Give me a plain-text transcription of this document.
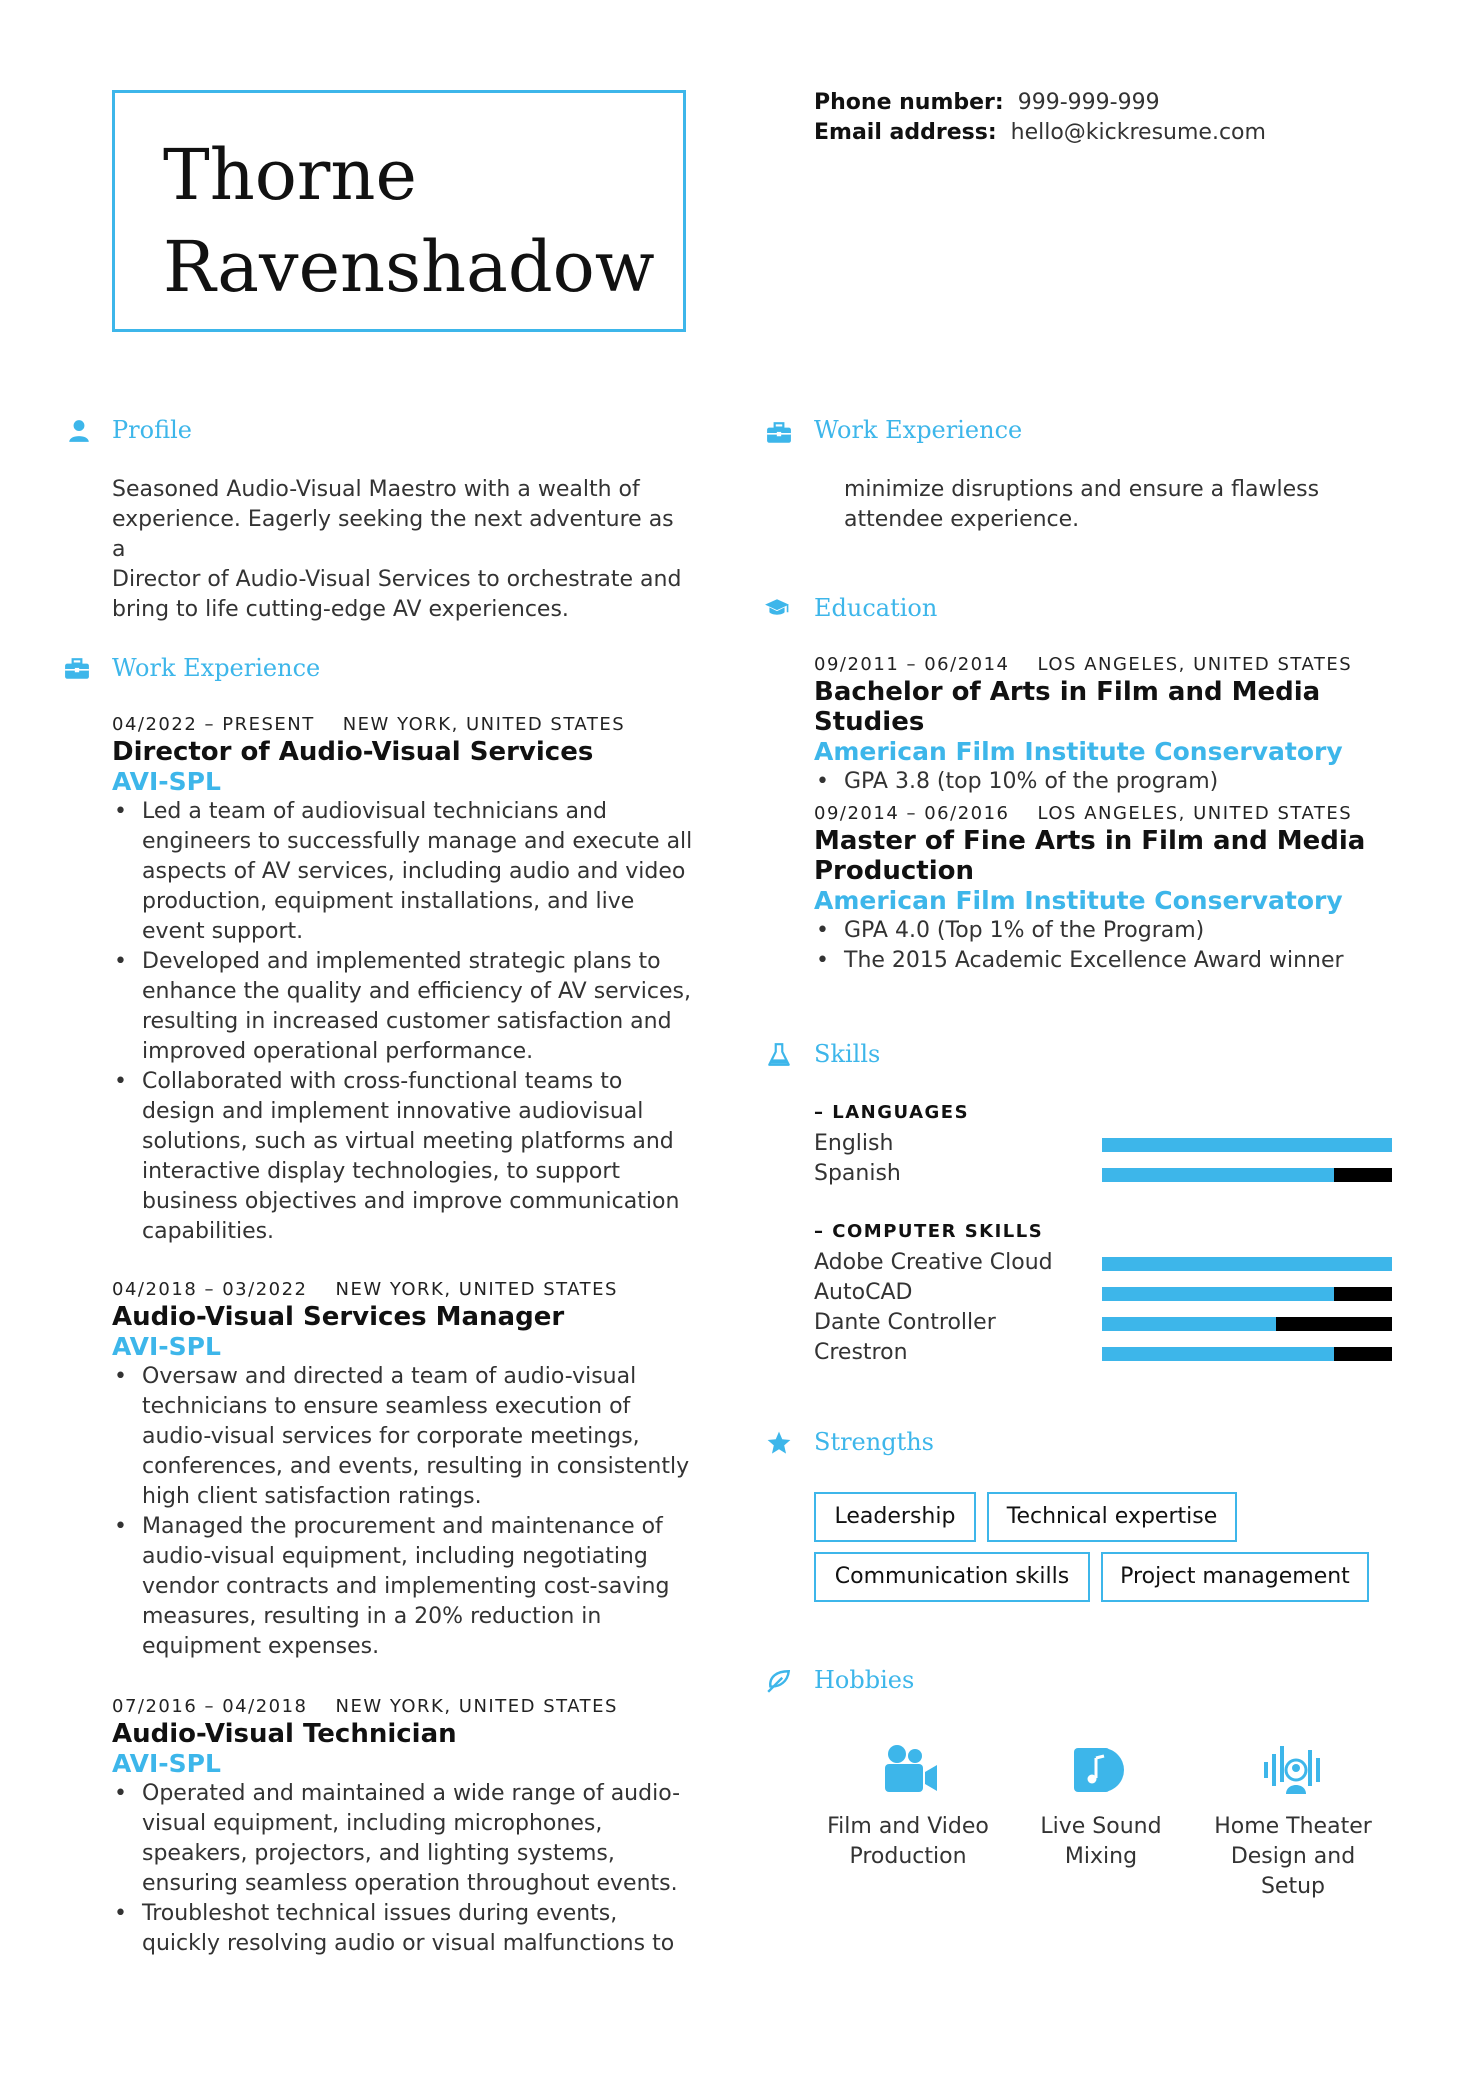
Thorne
Ravenshadow
Phone number: 999-999-999
Email address: hello@kickresume.com
Profile
Seasoned Audio-Visual Maestro with a wealth of
experience. Eagerly seeking the next adventure as a
Director of Audio-Visual Services to orchestrate and
bring to life cutting-edge AV experiences.
Work Experience
04/2022 – PRESENT NEW YORK, UNITED STATES
Director of Audio-Visual Services
AVI-SPL
• Led a team of audiovisual technicians and
engineers to successfully manage and execute all
aspects of AV services, including audio and video
production, equipment installations, and live
event support.
• Developed and implemented strategic plans to
enhance the quality and efficiency of AV services,
resulting in increased customer satisfaction and
improved operational performance.
• Collaborated with cross-functional teams to
design and implement innovative audiovisual
solutions, such as virtual meeting platforms and
interactive display technologies, to support
business objectives and improve communication
capabilities.
04/2018 – 03/2022 NEW YORK, UNITED STATES
Audio-Visual Services Manager
AVI-SPL
• Oversaw and directed a team of audio-visual
technicians to ensure seamless execution of
audio-visual services for corporate meetings,
conferences, and events, resulting in consistently
high client satisfaction ratings.
• Managed the procurement and maintenance of
audio-visual equipment, including negotiating
vendor contracts and implementing cost-saving
measures, resulting in a 20% reduction in
equipment expenses.
07/2016 – 04/2018 NEW YORK, UNITED STATES
Audio-Visual Technician
AVI-SPL
• Operated and maintained a wide range of audio-
visual equipment, including microphones,
speakers, projectors, and lighting systems,
ensuring seamless operation throughout events.
• Troubleshot technical issues during events,
quickly resolving audio or visual malfunctions to
Work Experience
minimize disruptions and ensure a flawless
attendee experience.
Education
09/2011 – 06/2014 LOS ANGELES, UNITED STATES
Bachelor of Arts in Film and Media Studies
American Film Institute Conservatory
• GPA 3.8 (top 10% of the program)
09/2014 – 06/2016 LOS ANGELES, UNITED STATES
Master of Fine Arts in Film and Media
Production
American Film Institute Conservatory
• GPA 4.0 (Top 1% of the Program)
• The 2015 Academic Excellence Award winner
Skills
– LANGUAGES
English
Spanish
– COMPUTER SKILLS
Adobe Creative Cloud
AutoCAD
Dante Controller
Crestron
Strengths
Leadership	Technical expertise
Communication skills	Project management
Hobbies
Film and Video
Production
Live Sound
Mixing
Home Theater
Design and
Setup
